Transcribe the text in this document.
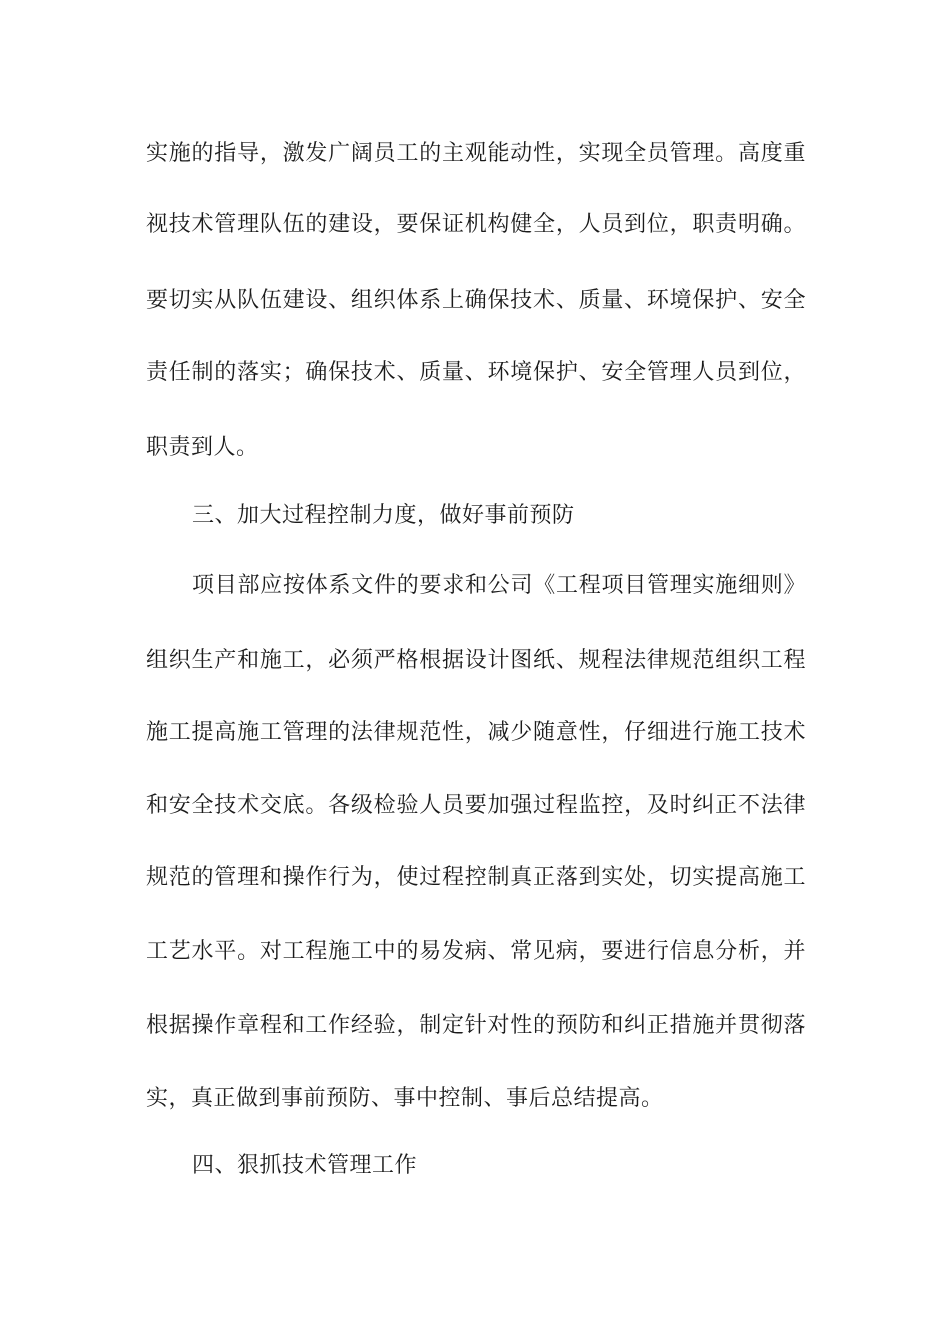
实施的指导，激发广阔员工的主观能动性，实现全员管理。高度重
视技术管理队伍的建设，要保证机构健全，人员到位，职责明确。
要切实从队伍建设、组织体系上确保技术、质量、环境保护、安全
责任制的落实；确保技术、质量、环境保护、安全管理人员到位，
职责到人。
三、加大过程控制力度，做好事前预防
项目部应按体系文件的要求和公司《工程项目管理实施细则》
组织生产和施工，必须严格根据设计图纸、规程法律规范组织工程
施工提高施工管理的法律规范性，减少随意性，仔细进行施工技术
和安全技术交底。各级检验人员要加强过程监控，及时纠正不法律
规范的管理和操作行为，使过程控制真正落到实处，切实提高施工
工艺水平。对工程施工中的易发病、常见病，要进行信息分析，并
根据操作章程和工作经验，制定针对性的预防和纠正措施并贯彻落
实，真正做到事前预防、事中控制、事后总结提高。
四、狠抓技术管理工作
